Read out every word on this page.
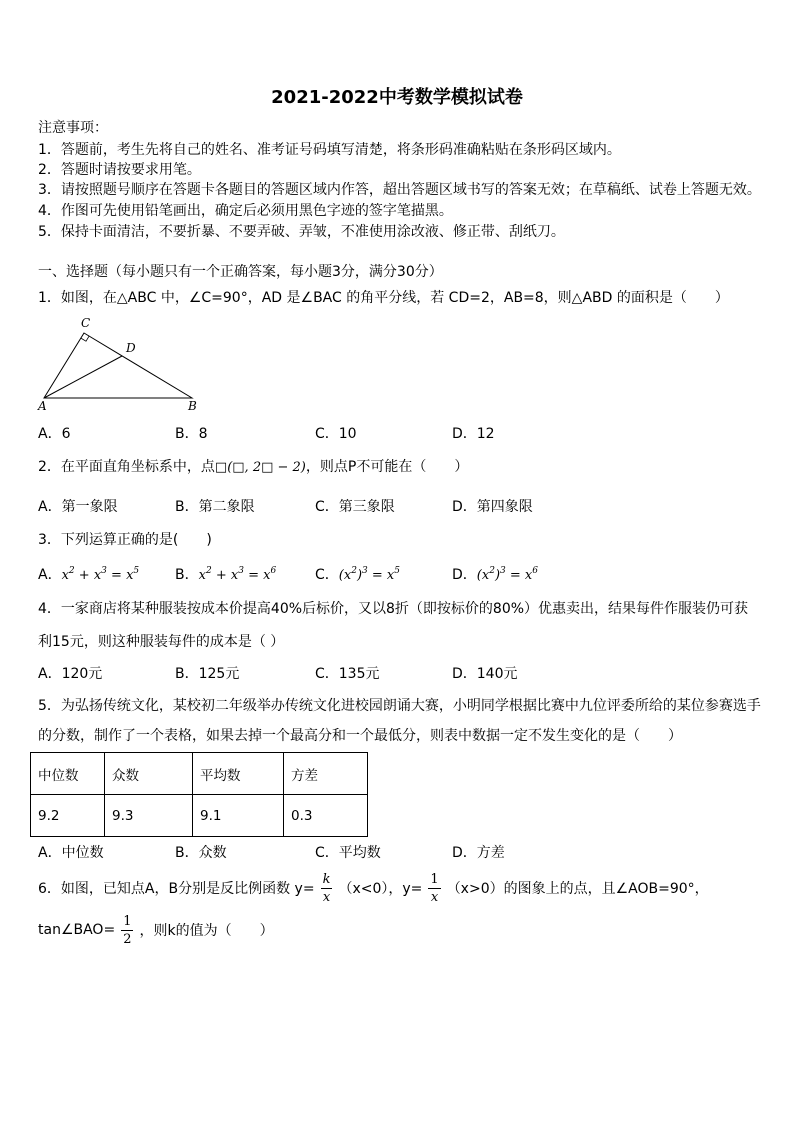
2021-2022中考数学模拟试卷
注意事项：
1．答题前，考生先将自己的姓名、准考证号码填写清楚，将条形码准确粘贴在条形码区域内。
2．答题时请按要求用笔。
3．请按照题号顺序在答题卡各题目的答题区域内作答，超出答题区域书写的答案无效；在草稿纸、试卷上答题无效。
4．作图可先使用铅笔画出，确定后必须用黑色字迹的签字笔描黑。
5．保持卡面清洁，不要折暴、不要弄破、弄皱，不准使用涂改液、修正带、刮纸刀。
一、选择题（每小题只有一个正确答案，每小题3分，满分30分）
1．如图，在△ABC 中，∠C=90°，AD 是∠BAC 的角平分线，若 CD=2，AB=8，则△ABD 的面积是（　　）
C
D
A	B
A．6	B．8	C．10	D．12
2．在平面直角坐标系中，点□(□, 2□ − 2)，则点P不可能在（　　）
A．第一象限	B．第二象限	C．第三象限	D．第四象限
3．下列运算正确的是(　　)
A．$x^2 + x^3 = x^5$	B．$x^2 + x^3 = x^6$	C．$(x^2)^3 = x^5$	D．$(x^2)^3 = x^6$
4．一家商店将某种服装按成本价提高40%后标价，又以8折（即按标价的80%）优惠卖出，结果每件作服装仍可获
利15元，则这种服装每件的成本是（ ）
A．120元	B．125元	C．135元	D．140元
5．为弘扬传统文化，某校初二年级举办传统文化进校园朗诵大赛，小明同学根据比赛中九位评委所给的某位参赛选手
的分数，制作了一个表格，如果去掉一个最高分和一个最低分，则表中数据一定不发生变化的是（　　）
中位数	众数	平均数	方差
9.2	9.3	9.1	0.3
A．中位数	B．众数	C．平均数	D．方差
6．如图，已知点A，B分别是反比例函数 $y= \frac{k}{x} (x<0)$，$y= \frac{1}{x} (x>0)$的图象上的点，且∠AOB=90°，
tan∠BAO= $\frac{1}{2}$ ，则k的值为（　　）
